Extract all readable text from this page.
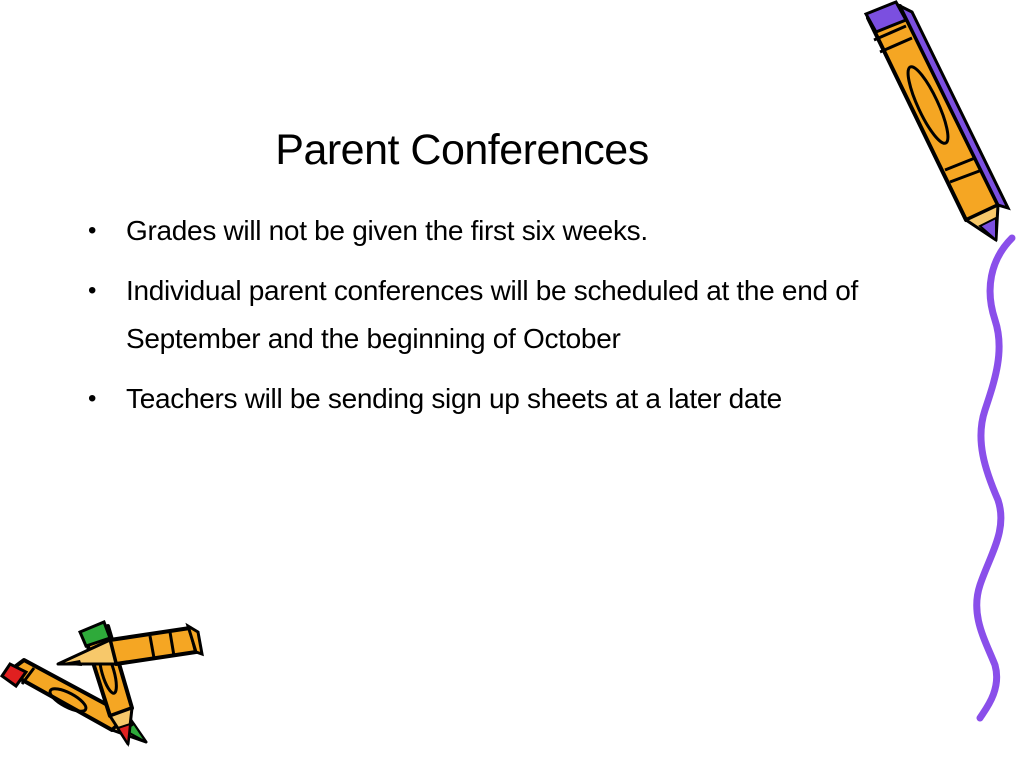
Parent Conferences
• Grades will not be given the first six weeks.
• Individual parent conferences will be scheduled at the end of September and the beginning of October
• Teachers will be sending sign up sheets at a later date
